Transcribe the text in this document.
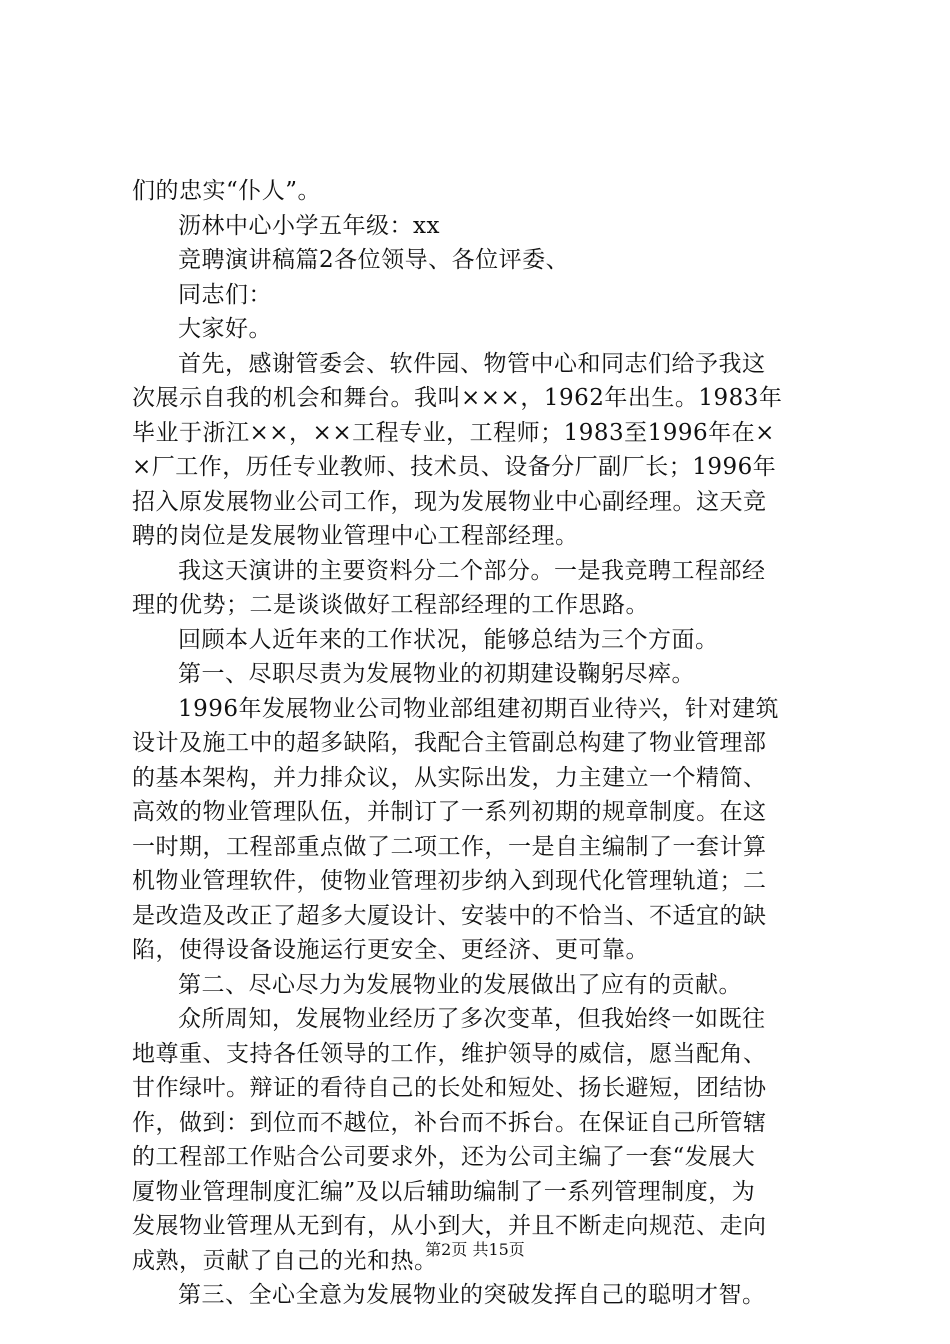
们的忠实“仆人”。
沥林中心小学五年级：xx
竞聘演讲稿篇2各位领导、各位评委、
同志们：
大家好。
首先，感谢管委会、软件园、物管中心和同志们给予我这
次展示自我的机会和舞台。我叫×××，1962年出生。1983年
毕业于浙江××，××工程专业，工程师；1983至1996年在×
×厂工作，历任专业教师、技术员、设备分厂副厂长；1996年
招入原发展物业公司工作，现为发展物业中心副经理。这天竞
聘的岗位是发展物业管理中心工程部经理。
我这天演讲的主要资料分二个部分。一是我竞聘工程部经
理的优势；二是谈谈做好工程部经理的工作思路。
回顾本人近年来的工作状况，能够总结为三个方面。
第一、尽职尽责为发展物业的初期建设鞠躬尽瘁。
1996年发展物业公司物业部组建初期百业待兴，针对建筑
设计及施工中的超多缺陷，我配合主管副总构建了物业管理部
的基本架构，并力排众议，从实际出发，力主建立一个精简、
高效的物业管理队伍，并制订了一系列初期的规章制度。在这
一时期，工程部重点做了二项工作，一是自主编制了一套计算
机物业管理软件，使物业管理初步纳入到现代化管理轨道；二
是改造及改正了超多大厦设计、安装中的不恰当、不适宜的缺
陷，使得设备设施运行更安全、更经济、更可靠。
第二、尽心尽力为发展物业的发展做出了应有的贡献。
众所周知，发展物业经历了多次变革，但我始终一如既往
地尊重、支持各任领导的工作，维护领导的威信，愿当配角、
甘作绿叶。辩证的看待自己的长处和短处、扬长避短，团结协
作，做到：到位而不越位，补台而不拆台。在保证自己所管辖
的工程部工作贴合公司要求外，还为公司主编了一套“发展大
厦物业管理制度汇编”及以后辅助编制了一系列管理制度，为
发展物业管理从无到有，从小到大，并且不断走向规范、走向
成熟，贡献了自己的光和热。
第三、全心全意为发展物业的突破发挥自己的聪明才智。
第2页 共15页
